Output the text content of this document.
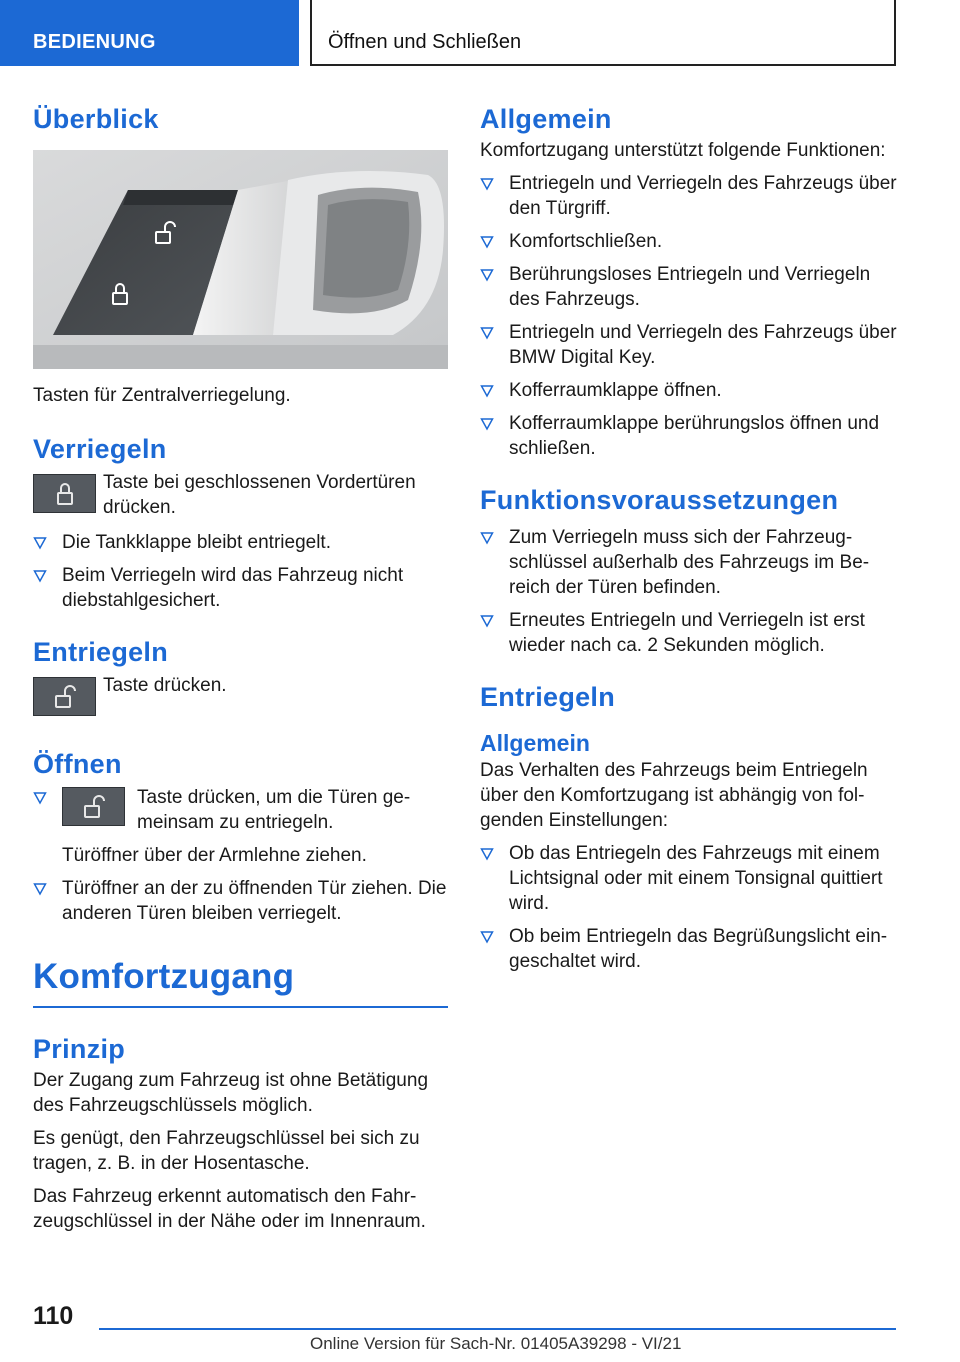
BEDIENUNG	Öffnen und Schließen
Überblick
Tasten für Zentralverriegelung.
Verriegeln
Taste bei geschlossenen Vordertüren drücken.
Die Tankklappe bleibt entriegelt.
Beim Verriegeln wird das Fahrzeug nicht diebstahlgesichert.
Entriegeln
Taste drücken.
Öffnen
Taste drücken, um die Türen gemeinsam zu entriegeln.
Türöffner über der Armlehne ziehen.
Türöffner an der zu öffnenden Tür ziehen. Die anderen Türen bleiben verriegelt.
Komfortzugang
Prinzip
Der Zugang zum Fahrzeug ist ohne Betätigung des Fahrzeugschlüssels möglich.
Es genügt, den Fahrzeugschlüssel bei sich zu tragen, z. B. in der Hosentasche.
Das Fahrzeug erkennt automatisch den Fahrzeugschlüssel in der Nähe oder im Innenraum.
Allgemein
Komfortzugang unterstützt folgende Funktionen:
Entriegeln und Verriegeln des Fahrzeugs über den Türgriff.
Komfortschließen.
Berührungsloses Entriegeln und Verriegeln des Fahrzeugs.
Entriegeln und Verriegeln des Fahrzeugs über BMW Digital Key.
Kofferraumklappe öffnen.
Kofferraumklappe berührungslos öffnen und schließen.
Funktionsvoraussetzungen
Zum Verriegeln muss sich der Fahrzeugschlüssel außerhalb des Fahrzeugs im Bereich der Türen befinden.
Erneutes Entriegeln und Verriegeln ist erst wieder nach ca. 2 Sekunden möglich.
Entriegeln
Allgemein
Das Verhalten des Fahrzeugs beim Entriegeln über den Komfortzugang ist abhängig von folgenden Einstellungen:
Ob das Entriegeln des Fahrzeugs mit einem Lichtsignal oder mit einem Tonsignal quittiert wird.
Ob beim Entriegeln das Begrüßungslicht eingeschaltet wird.
110
Online Version für Sach-Nr. 01405A39298 - VI/21
